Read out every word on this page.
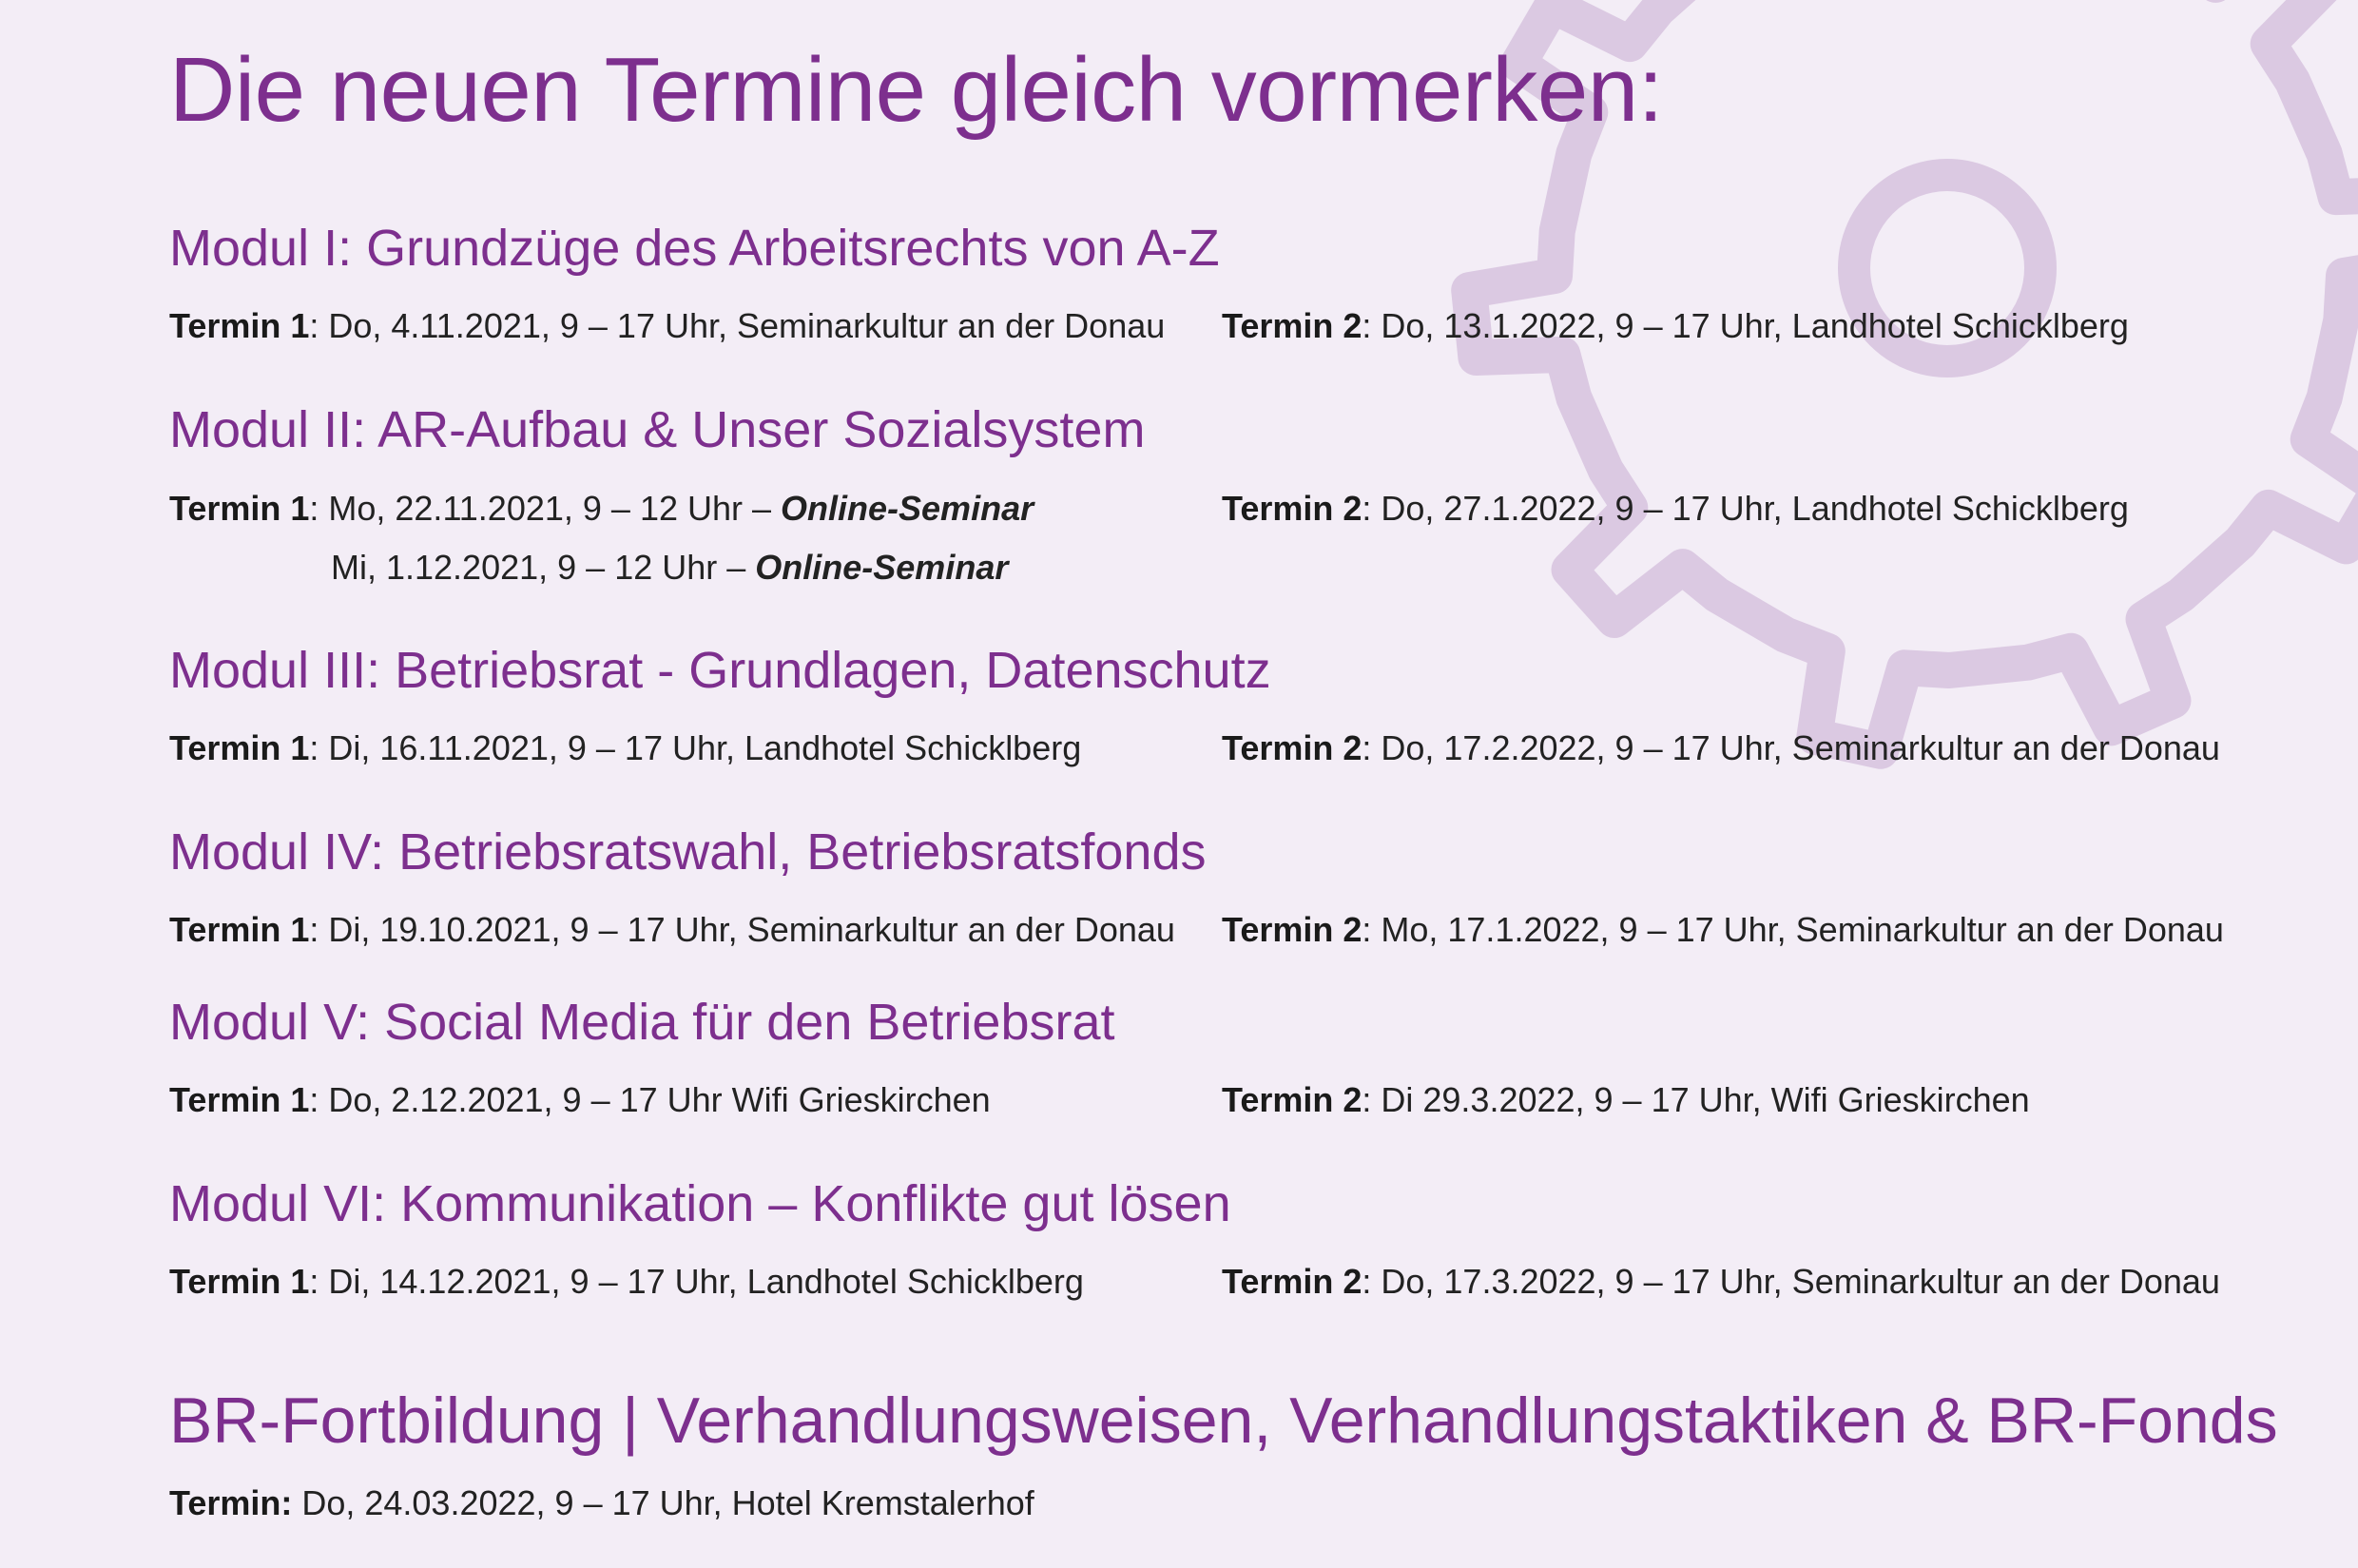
Die neuen Termine gleich vormerken:
Modul I: Grundzüge des Arbeitsrechts von A-Z
Termin 1: Do, 4.11.2021, 9 – 17 Uhr, Seminarkultur an der Donau Termin 2: Do, 13.1.2022, 9 – 17 Uhr, Landhotel Schicklberg
Modul II: AR-Aufbau & Unser Sozialsystem
Termin 1: Mo, 22.11.2021, 9 – 12 Uhr – Online-Seminar
Mi, 1.12.2021, 9 – 12 Uhr – Online-Seminar
Termin 2: Do, 27.1.2022, 9 – 17 Uhr, Landhotel Schicklberg
Modul III: Betriebsrat - Grundlagen, Datenschutz
Termin 1: Di, 16.11.2021, 9 – 17 Uhr, Landhotel Schicklberg	Termin 2: Do, 17.2.2022, 9 – 17 Uhr, Seminarkultur an der Donau
Modul IV: Betriebsratswahl, Betriebsratsfonds
Termin 1: Di, 19.10.2021, 9 – 17 Uhr, Seminarkultur an der Donau Termin 2: Mo, 17.1.2022, 9 – 17 Uhr, Seminarkultur an der Donau
Modul V: Social Media für den Betriebsrat
Termin 1: Do, 2.12.2021, 9 – 17 Uhr Wifi Grieskirchen	Termin 2: Di 29.3.2022, 9 – 17 Uhr, Wifi Grieskirchen
Modul VI: Kommunikation – Konflikte gut lösen
Termin 1: Di, 14.12.2021, 9 – 17 Uhr, Landhotel Schicklberg	Termin 2: Do, 17.3.2022, 9 – 17 Uhr, Seminarkultur an der Donau
BR-Fortbildung | Verhandlungsweisen, Verhandlungstaktiken & BR-Fonds
Termin: Do, 24.03.2022, 9 – 17 Uhr, Hotel Kremstalerhof
